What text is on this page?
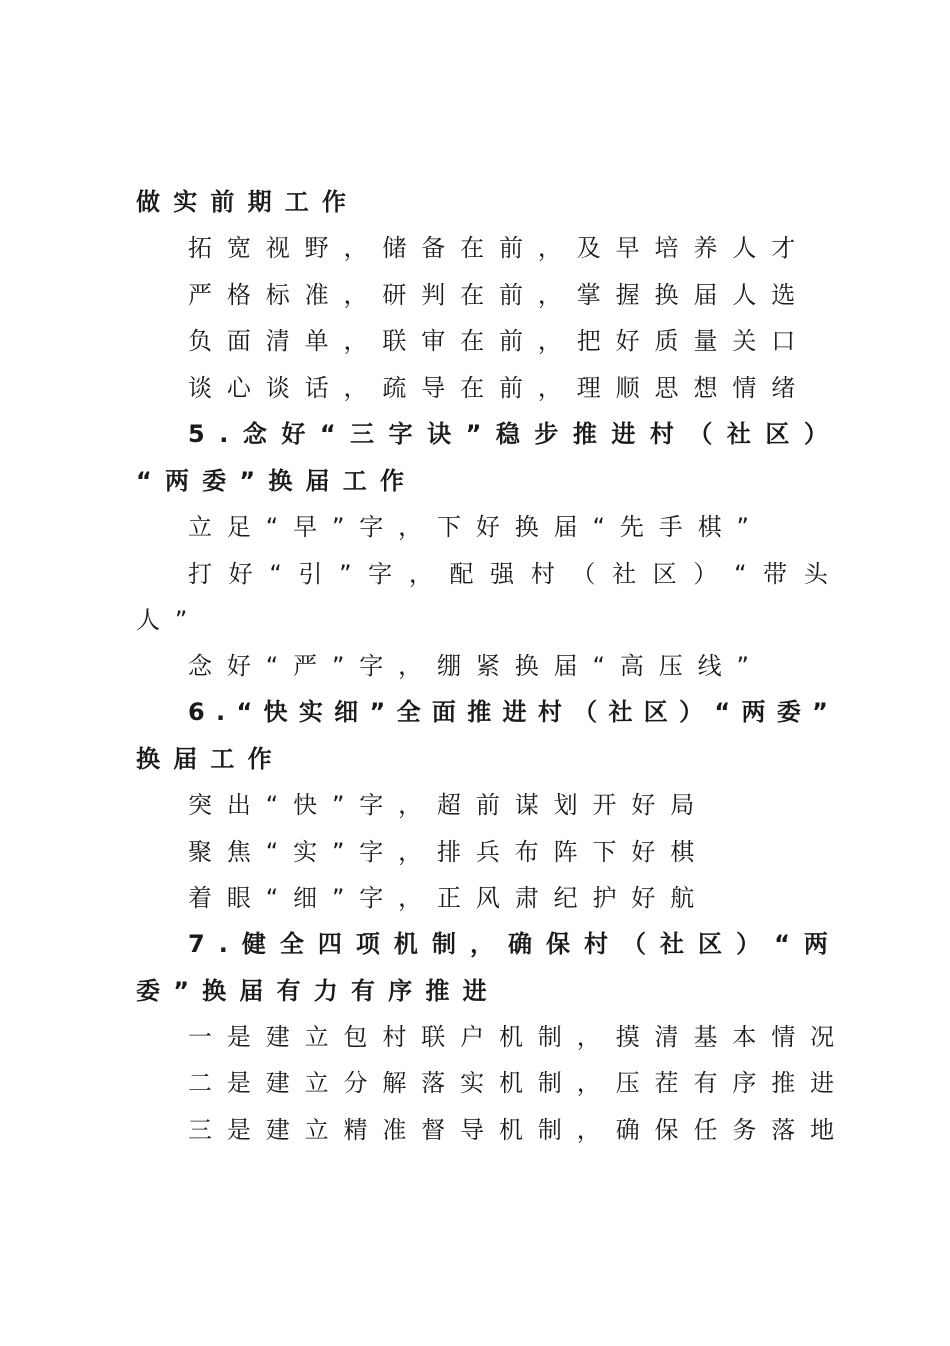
做实前期工作
拓宽视野，储备在前，及早培养人才
严格标准，研判在前，掌握换届人选
负面清单，联审在前，把好质量关口
谈心谈话，疏导在前，理顺思想情绪
5 . 念 好 “ 三 字 诀 ” 稳 步 推 进 村 （ 社 区 ）
“两委”换届工作
立足“早”字，下好换届“先手棋”
打 好 “ 引 ” 字 ， 配 强 村 （ 社 区 ） “ 带 头
人”
念好“严”字，绷紧换届“高压线”
6 . “ 快 实 细 ” 全 面 推 进 村 （ 社 区 ） “ 两 委 ”
换届工作
突出“快”字，超前谋划开好局
聚焦“实”字，排兵布阵下好棋
着眼“细”字，正风肃纪护好航
7 . 健 全 四 项 机 制 ， 确 保 村 （ 社 区 ） “ 两
委”换届有力有序推进
一是建立包村联户机制，摸清基本情况
二是建立分解落实机制，压茬有序推进
三是建立精准督导机制，确保任务落地
